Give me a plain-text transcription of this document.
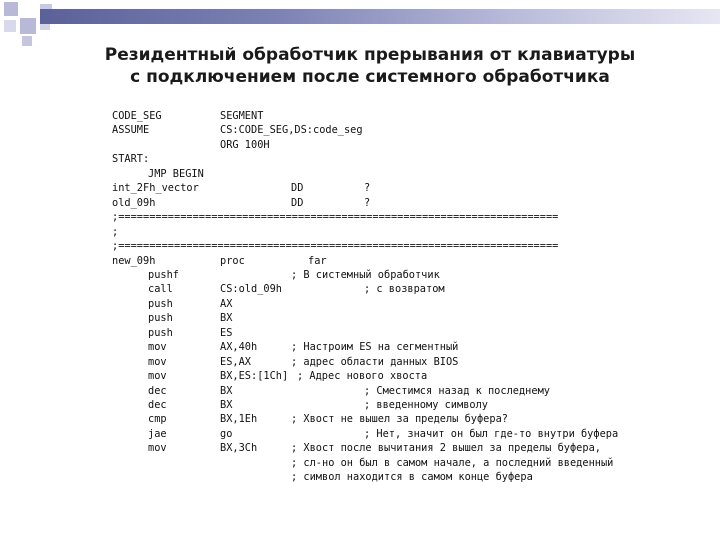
Резидентный обработчик прерывания от клавиатуры
с подключением после системного обработчика
CODE_SEG	SEGMENT
ASSUME	CS:CODE_SEG,DS:code_seg
ORG 100H
START:
JMP BEGIN
int_2Fh_vector	DD	?
old_09h	DD	?
;=======================================================================
;
;=======================================================================
new_09h	proc	far
pushf	; В системный обработчик
call	CS:old_09h	; с возвратом
push	AX
push	BX
push	ES
mov	AX,40h	; Настроим ES на сегментный
mov	ES,AX	; адрес области данных BIOS
mov	BX,ES:[1Ch] ; Адрес нового хвоста
dec	BX	; Сместимся назад к последнему
dec	BX	; введенному символу
cmp	BX,1Eh	; Хвост не вышел за пределы буфера?
jae	go	; Нет, значит он был где-то внутри буфера
mov	BX,3Ch	; Хвост после вычитания 2 вышел за пределы буфера,
; сл-но он был в самом начале, а последний введенный
; символ находится в самом конце буфера
